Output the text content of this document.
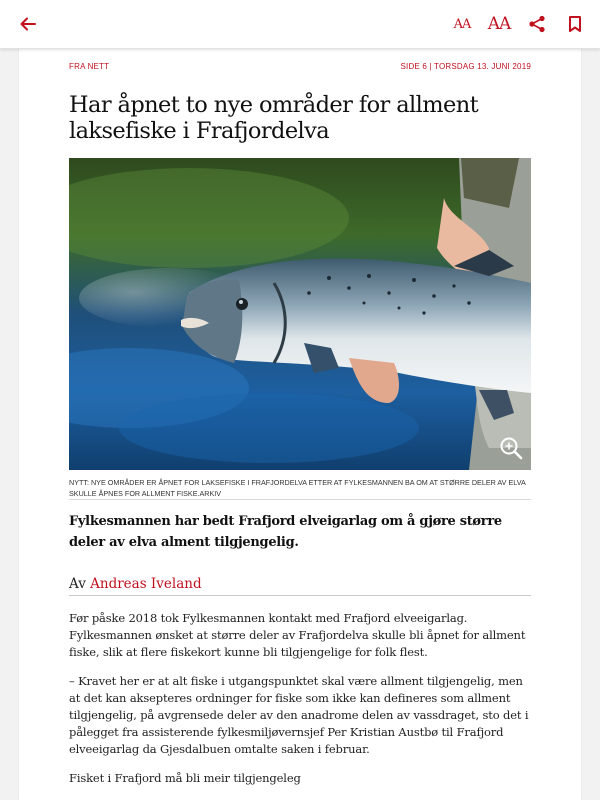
AA AA
FRA NETT	SIDE 6 | TORSDAG 13. JUNI 2019
Har åpnet to nye områder for allment laksefiske i Frafjordelva
NYTT: NYE OMRÅDER ER ÅPNET FOR LAKSEFISKE I FRAFJORDELVA ETTER AT FYLKESMANNEN BA OM AT STØRRE DELER AV ELVA SKULLE ÅPNES FOR ALLMENT FISKE.ARKIV

Fylkesmannen har bedt Frafjord elveigarlag om å gjøre større deler av elva alment tilgjengelig.

Av Andreas Iveland

Før påske 2018 tok Fylkesmannen kontakt med Frafjord elveeigarlag. Fylkesmannen ønsket at større deler av Frafjordelva skulle bli åpnet for allment fiske, slik at flere fiskekort kunne bli tilgjengelige for folk flest.

– Kravet her er at alt fiske i utgangspunktet skal være allment tilgjengelig, men at det kan aksepteres ordninger for fiske som ikke kan defineres som allment tilgjengelig, på avgrensede deler av den anadrome delen av vassdraget, sto det i pålegget fra assisterende fylkesmiljøvernsjef Per Kristian Austbø til Frafjord elveeigarlag da Gjesdalbuen omtalte saken i februar.

Fisket i Frafjord må bli meir tilgjengeleg
